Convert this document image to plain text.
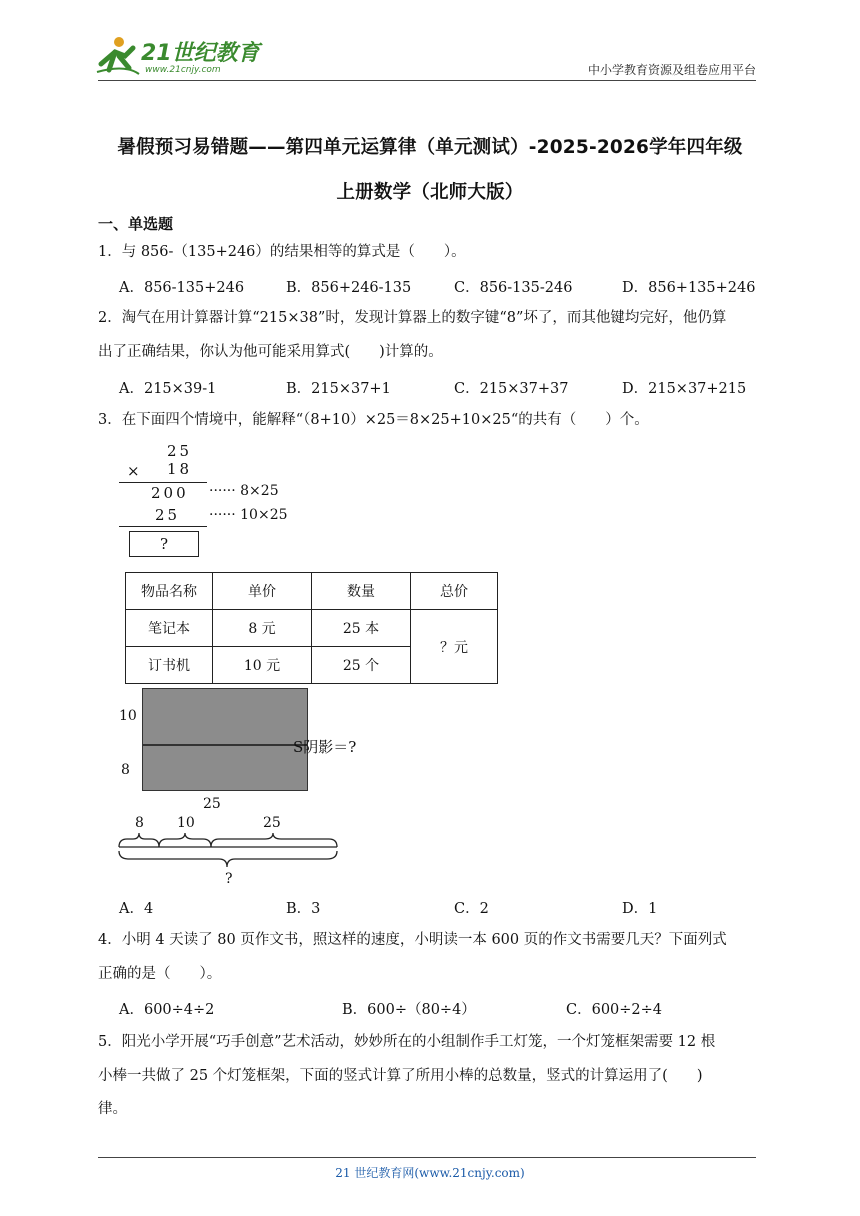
21世纪教育
www.21cnjy.com	中小学教育资源及组卷应用平台
暑假预习易错题——第四单元运算律（单元测试）-2025-2026学年四年级
上册数学（北师大版）
一、单选题
1．与 856-（135+246）的结果相等的算式是（　　）。
A．856-135+246	B．856+246-135	C．856-135-246	D．856+135+246
2．淘气在用计算器计算“215×38”时，发现计算器上的数字键“8”坏了，而其他键均完好，他仍算
出了正确结果，你认为他可能采用算式(　　)计算的。
A．215×39-1	B．215×37+1	C．215×37+37	D．215×37+215
3．在下面四个情境中，能解释“（8+10）×25＝8×25+10×25“的共有（　　）个。
25
× 18
200 ······ 8×25
25 ······ 10×25
?
物品名称	单价	数量	总价
笔记本	8 元	25 本	？元
订书机	10 元	25 个	
10
8
25
S阴影＝?
8 10	25
?
A．4	B．3	C．2	D．1
4．小明 4 天读了 80 页作文书，照这样的速度，小明读一本 600 页的作文书需要几天？下面列式
正确的是（　　）。
A．600÷4÷2	B．600÷（80÷4）	C．600÷2÷4
5．阳光小学开展“巧手创意”艺术活动，妙妙所在的小组制作手工灯笼，一个灯笼框架需要 12 根
小棒一共做了 25 个灯笼框架，下面的竖式计算了所用小棒的总数量，竖式的计算运用了(　　)
律。
21 世纪教育网(www.21cnjy.com)
